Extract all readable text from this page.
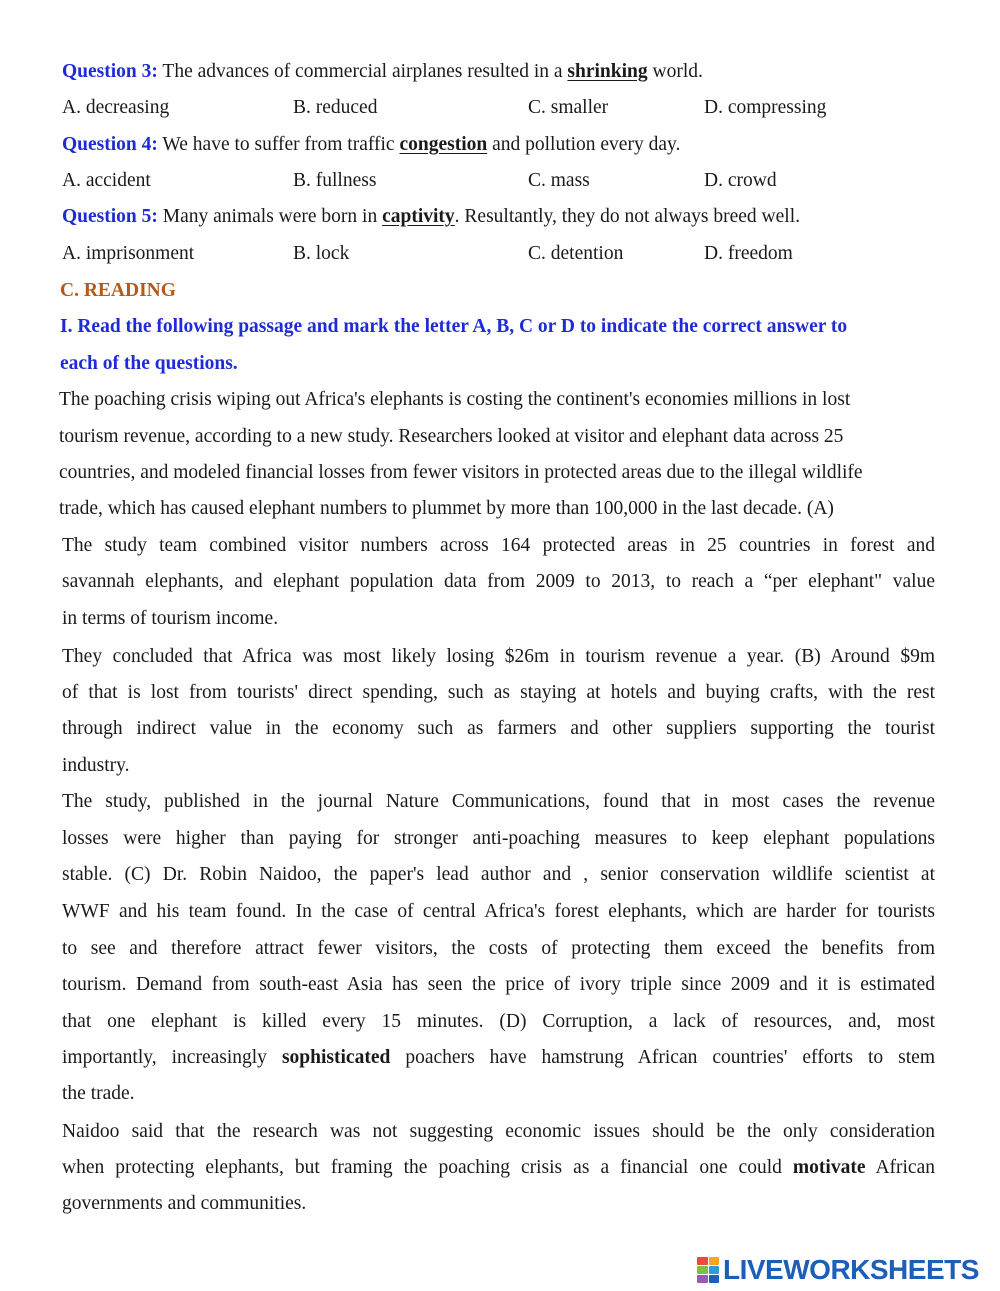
Question 3: The advances of commercial airplanes resulted in a shrinking world.
A. decreasing	B. reduced	C. smaller	D. compressing
Question 4: We have to suffer from traffic congestion and pollution every day.
A. accident	B. fullness	C. mass	D. crowd
Question 5: Many animals were born in captivity. Resultantly, they do not always breed well.
A. imprisonment	B. lock	C. detention	D. freedom
C. READING
I. Read the following passage and mark the letter A, B, C or D to indicate the correct answer to
each of the questions.
The poaching crisis wiping out Africa's elephants is costing the continent's economies millions in lost
tourism revenue, according to a new study. Researchers looked at visitor and elephant data across 25
countries, and modeled financial losses from fewer visitors in protected areas due to the illegal wildlife
trade, which has caused elephant numbers to plummet by more than 100,000 in the last decade. (A)
The study team combined visitor numbers across 164 protected areas in 25 countries in forest and
savannah elephants, and elephant population data from 2009 to 2013, to reach a “per elephant" value
in terms of tourism income.
They concluded that Africa was most likely losing $26m in tourism revenue a year. (B) Around $9m
of that is lost from tourists' direct spending, such as staying at hotels and buying crafts, with the rest
through indirect value in the economy such as farmers and other suppliers supporting the tourist
industry.
The study, published in the journal Nature Communications, found that in most cases the revenue
losses were higher than paying for stronger anti-poaching measures to keep elephant populations
stable. (C) Dr. Robin Naidoo, the paper's lead author and , senior conservation wildlife scientist at
WWF and his team found. In the case of central Africa's forest elephants, which are harder for tourists
to see and therefore attract fewer visitors, the costs of protecting them exceed the benefits from
tourism. Demand from south-east Asia has seen the price of ivory triple since 2009 and it is estimated
that one elephant is killed every 15 minutes. (D) Corruption, a lack of resources, and, most
importantly, increasingly sophisticated poachers have hamstrung African countries' efforts to stem
the trade.
Naidoo said that the research was not suggesting economic issues should be the only consideration
when protecting elephants, but framing the poaching crisis as a financial one could motivate African
governments and communities.
LIVEWORKSHEETS
